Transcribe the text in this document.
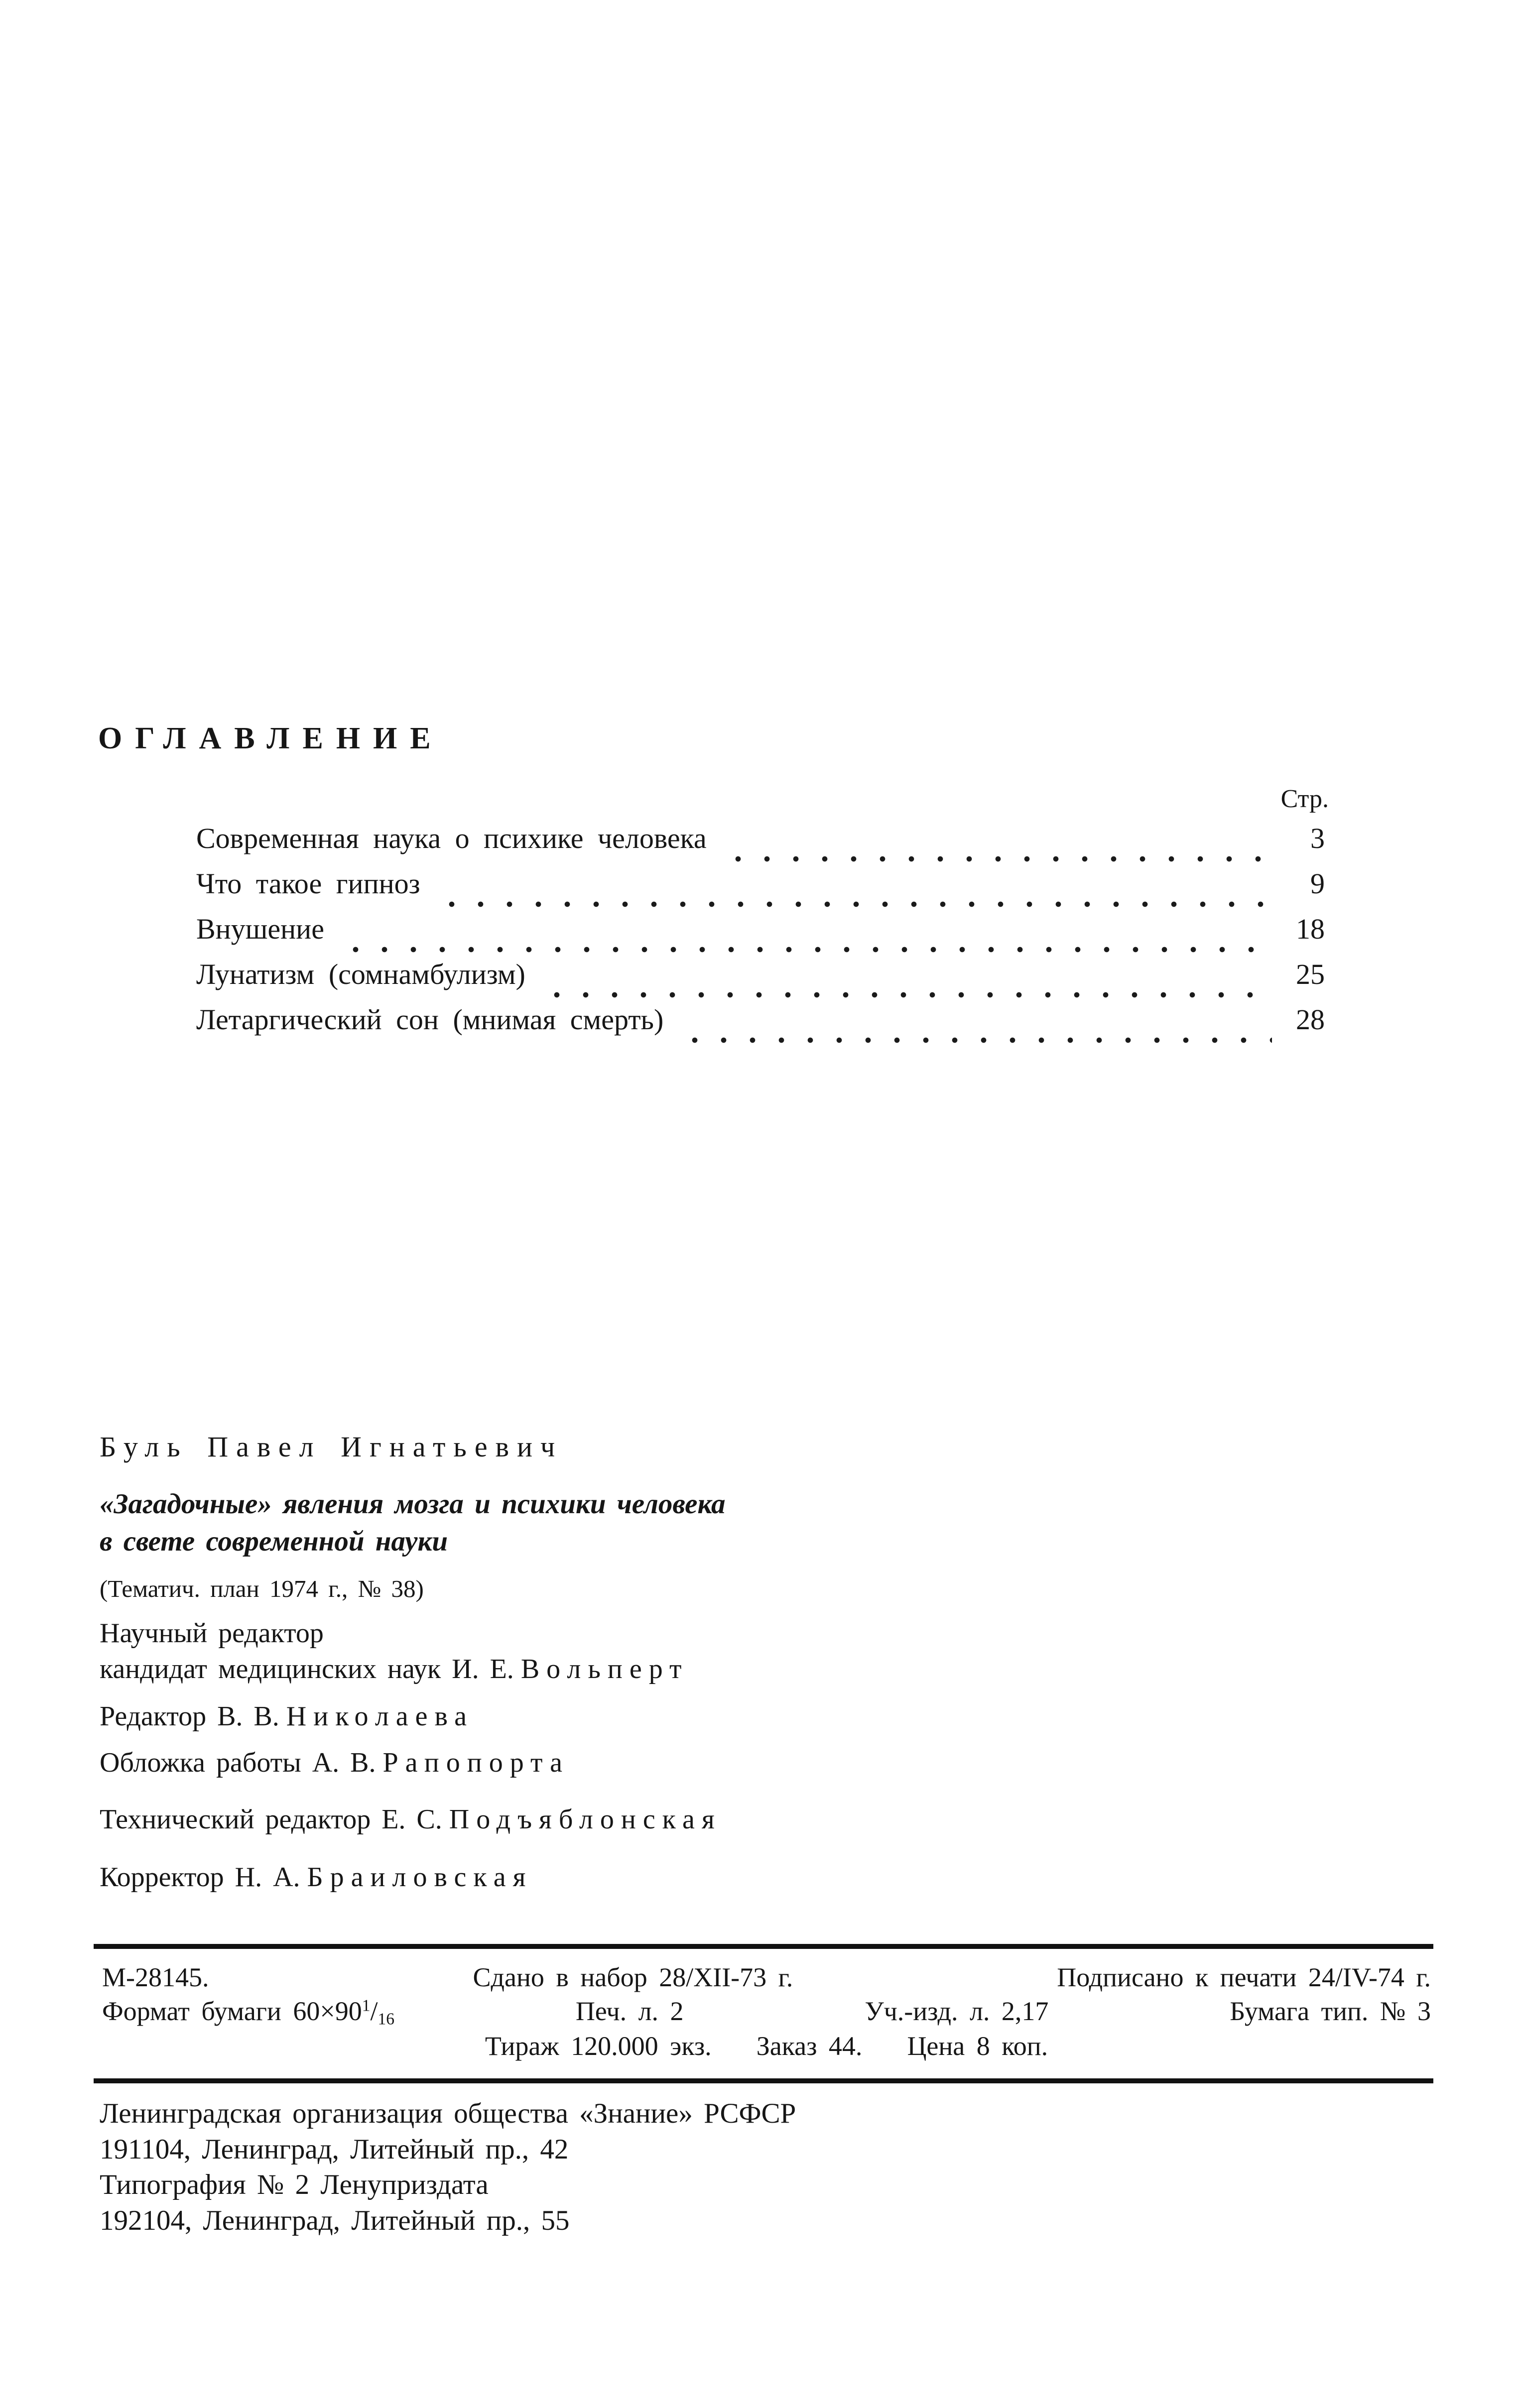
ОГЛАВЛЕНИЕ
Стр.
Современная наука о психике человека	3
Что такое гипноз	9
Внушение	18
Лунатизм (сомнамбулизм)	25
Летаргический сон (мнимая смерть)	28
Буль Павел Игнатьевич
«Загадочные» явления мозга и психики человека
в свете современной науки
(Тематич. план 1974 г., № 38)
Научный редактор
кандидат медицинских наук И. Е. Вольперт
Редактор В. В. Николаева
Обложка работы А. В. Рапопорта
Технический редактор Е. С. Подъяблонская
Корректор Н. А. Браиловская
М-28145.	Сдано в набор 28/XII-73 г.	Подписано к печати 24/IV-74 г.
Формат бумаги $60\times 90^1/_{16}$	Печ. л. 2	Уч.-изд. л. 2,17	Бумага тип. № 3
Тираж 120.000 экз. Заказ 44. Цена 8 коп.
Ленинградская организация общества «Знание» РСФСР
191104, Ленинград, Литейный пр., 42
Типография № 2 Ленуприздата
192104, Ленинград, Литейный пр., 55
